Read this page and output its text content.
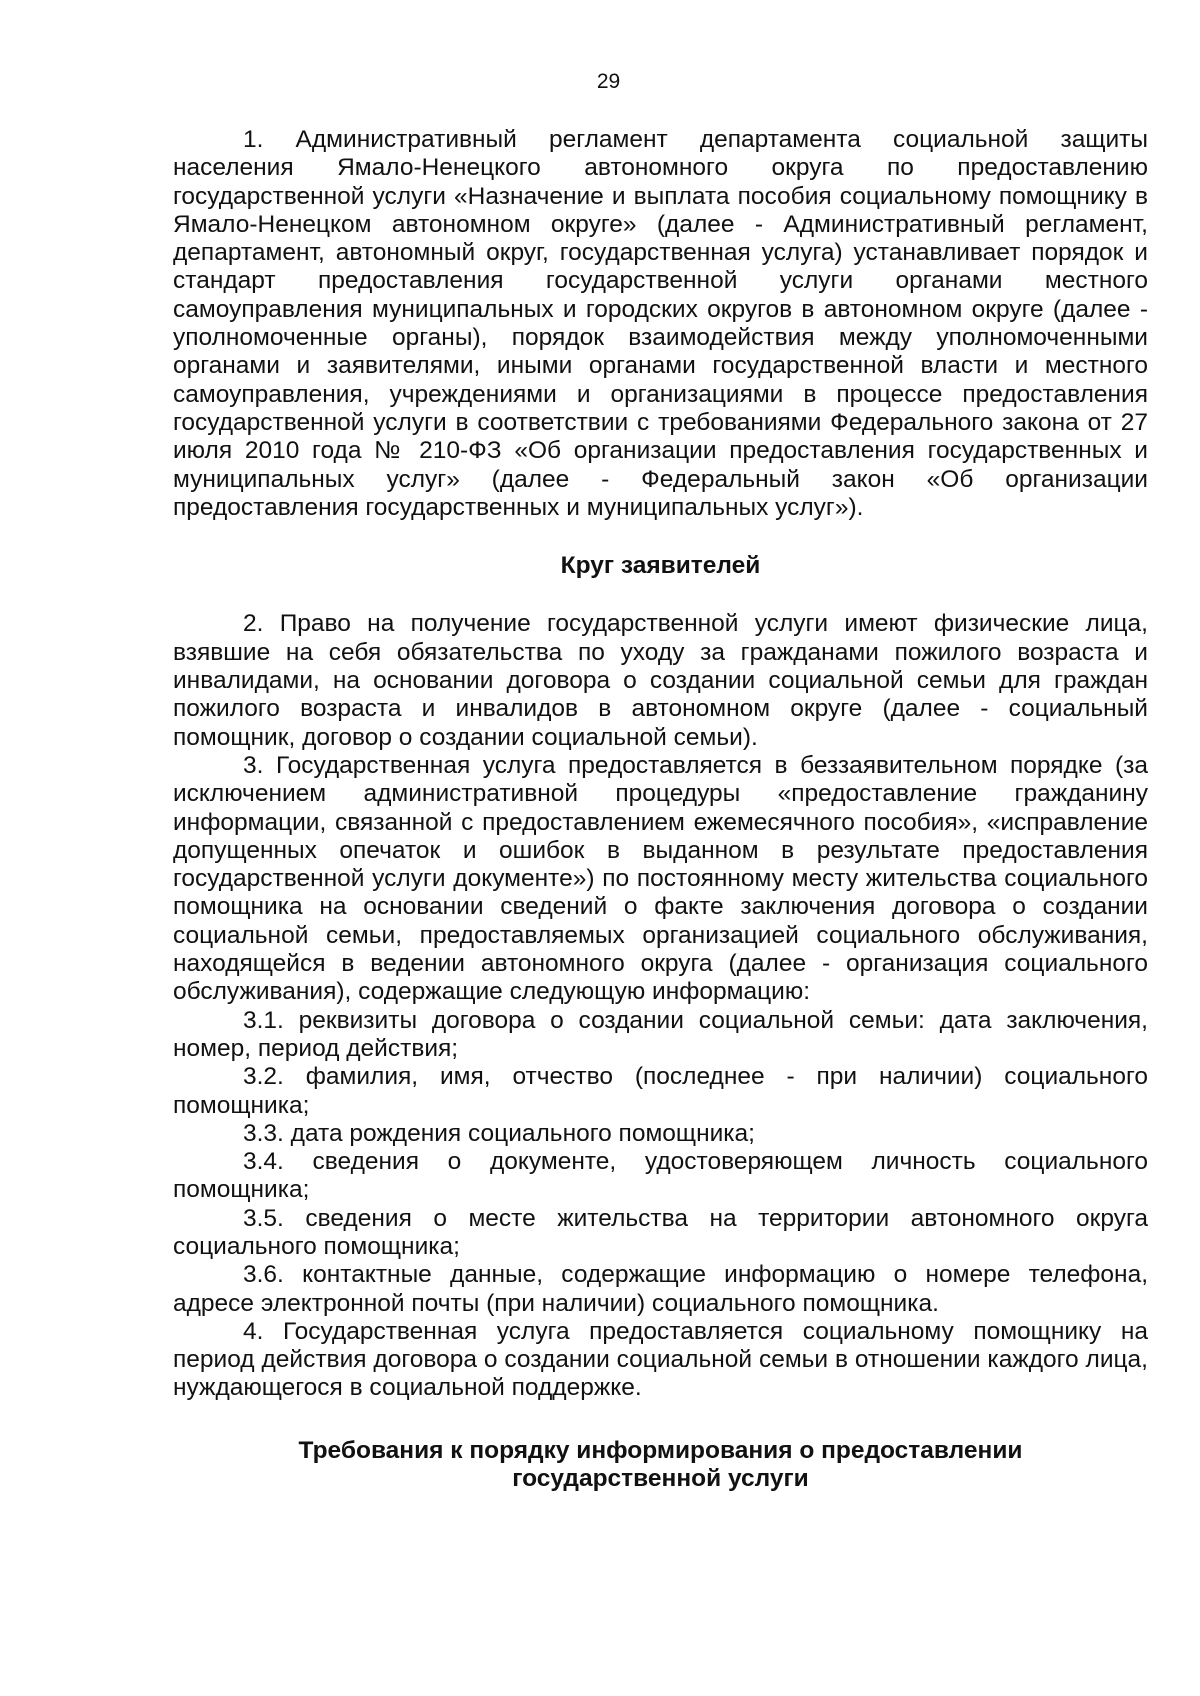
29

1. Административный регламент департамента социальной защиты населения Ямало-Ненецкого автономного округа по предоставлению государственной услуги «Назначение и выплата пособия социальному помощнику в Ямало-Ненецком автономном округе» (далее - Административный регламент, департамент, автономный округ, государственная услуга) устанавливает порядок и стандарт предоставления государственной услуги органами местного самоуправления муниципальных и городских округов в автономном округе (далее - уполномоченные органы), порядок взаимодействия между уполномоченными органами и заявителями, иными органами государственной власти и местного самоуправления, учреждениями и организациями в процессе предоставления государственной услуги в соответствии с требованиями Федерального закона от 27 июля 2010 года № 210-ФЗ «Об организации предоставления государственных и муниципальных услуг» (далее - Федеральный закон «Об организации предоставления государственных и муниципальных услуг»).

Круг заявителей

2. Право на получение государственной услуги имеют физические лица, взявшие на себя обязательства по уходу за гражданами пожилого возраста и инвалидами, на основании договора о создании социальной семьи для граждан пожилого возраста и инвалидов в автономном округе (далее - социальный помощник, договор о создании социальной семьи).

3. Государственная услуга предоставляется в беззаявительном порядке (за исключением административной процедуры «предоставление гражданину информации, связанной с предоставлением ежемесячного пособия», «исправление допущенных опечаток и ошибок в выданном в результате предоставления государственной услуги документе») по постоянному месту жительства социального помощника на основании сведений о факте заключения договора о создании социальной семьи, предоставляемых организацией социального обслуживания, находящейся в ведении автономного округа (далее - организация социального обслуживания), содержащие следующую информацию:

3.1. реквизиты договора о создании социальной семьи: дата заключения, номер, период действия;

3.2. фамилия, имя, отчество (последнее - при наличии) социального помощника;

3.3. дата рождения социального помощника;

3.4. сведения о документе, удостоверяющем личность социального помощника;

3.5. сведения о месте жительства на территории автономного округа социального помощника;

3.6. контактные данные, содержащие информацию о номере телефона, адресе электронной почты (при наличии) социального помощника.

4. Государственная услуга предоставляется социальному помощнику на период действия договора о создании социальной семьи в отношении каждого лица, нуждающегося в социальной поддержке.

Требования к порядку информирования о предоставлении
государственной услуги
